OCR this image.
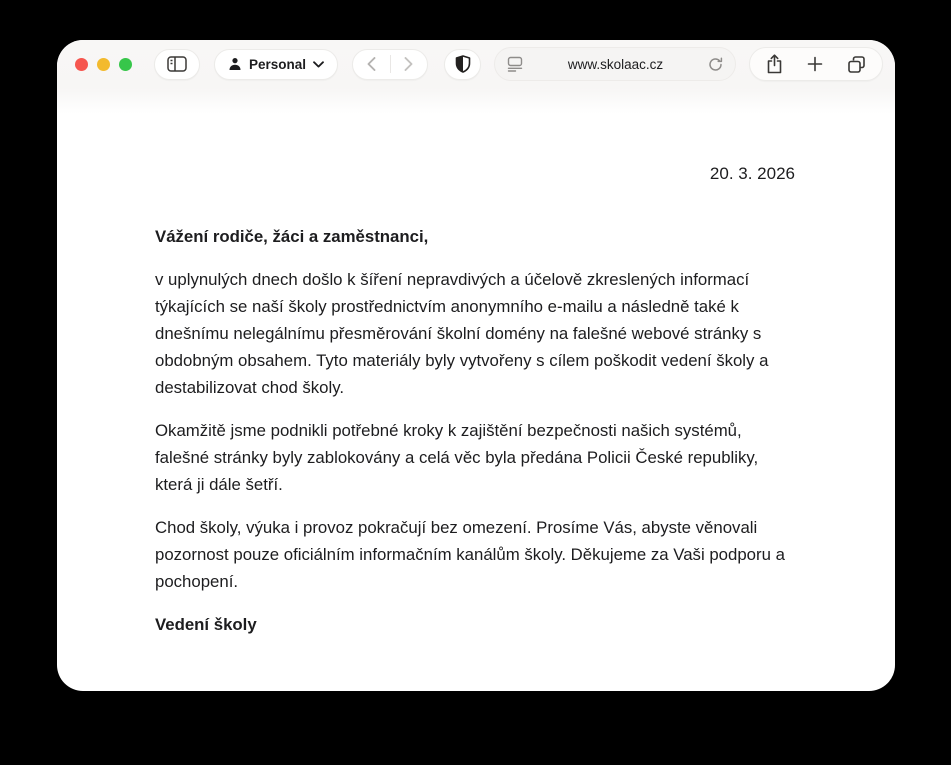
Personal	www.skolaac.cz
20. 3. 2026

Vážení rodiče, žáci a zaměstnanci,

v uplynulých dnech došlo k šíření nepravdivých a účelově zkreslených informací týkajících se naší školy prostřednictvím anonymního e-mailu a následně také k dnešnímu nelegálnímu přesměrování školní domény na falešné webové stránky s obdobným obsahem. Tyto materiály byly vytvořeny s cílem poškodit vedení školy a destabilizovat chod školy.

Okamžitě jsme podnikli potřebné kroky k zajištění bezpečnosti našich systémů, falešné stránky byly zablokovány a celá věc byla předána Policii České republiky, která ji dále šetří.

Chod školy, výuka i provoz pokračují bez omezení. Prosíme Vás, abyste věnovali pozornost pouze oficiálním informačním kanálům školy. Děkujeme za Vaši podporu a pochopení.

Vedení školy
